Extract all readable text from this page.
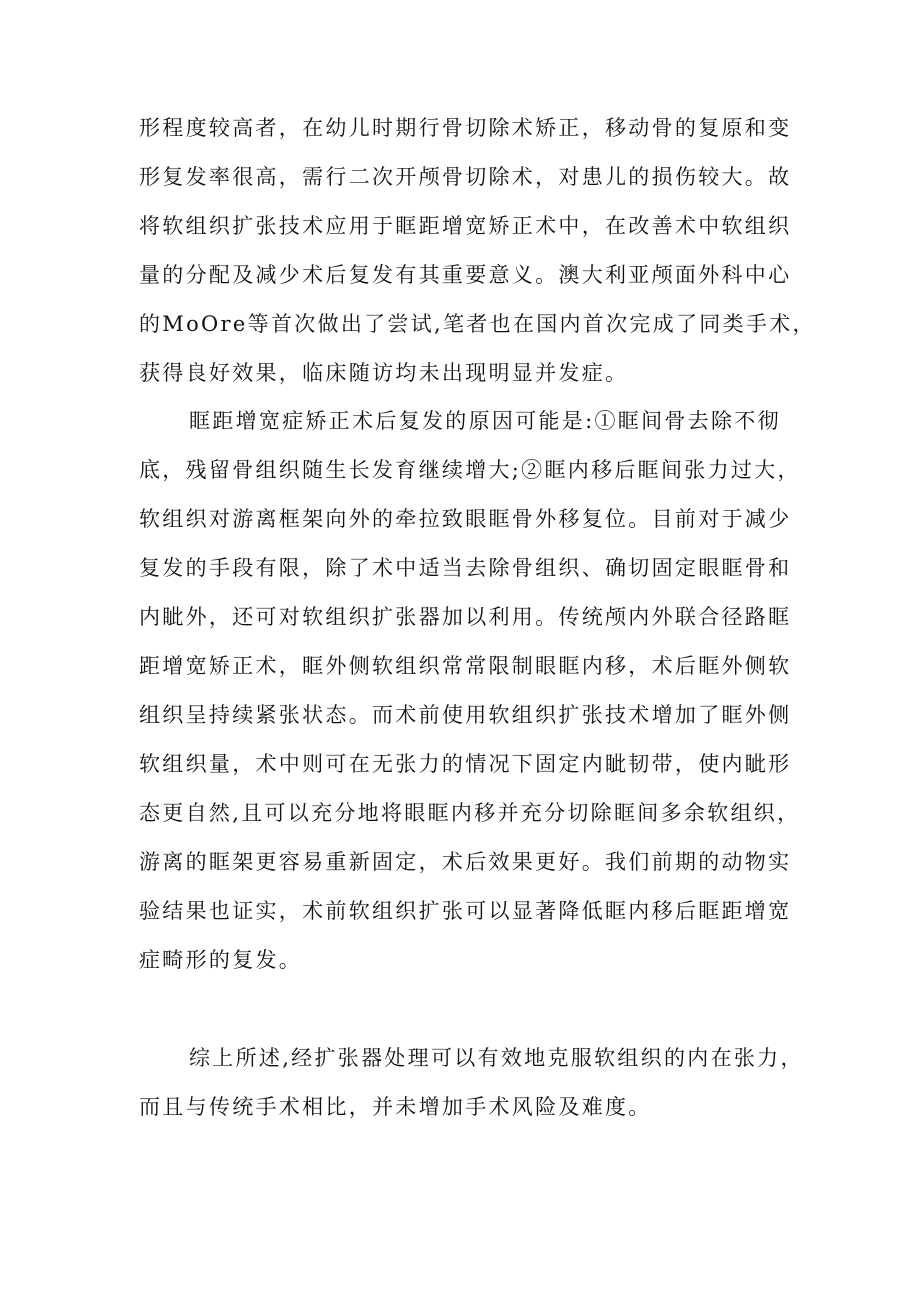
形程度较高者，在幼儿时期行骨切除术矫正，移动骨的复原和变
形复发率很高，需行二次开颅骨切除术，对患儿的损伤较大。故
将软组织扩张技术应用于眶距增宽矫正术中，在改善术中软组织
量的分配及减少术后复发有其重要意义。澳大利亚颅面外科中心
的MoOre等首次做出了尝试,笔者也在国内首次完成了同类手术，
获得良好效果，临床随访均未出现明显并发症。
眶距增宽症矫正术后复发的原因可能是:①眶间骨去除不彻
底，残留骨组织随生长发育继续增大;②眶内移后眶间张力过大，
软组织对游离框架向外的牵拉致眼眶骨外移复位。目前对于减少
复发的手段有限，除了术中适当去除骨组织、确切固定眼眶骨和
内眦外，还可对软组织扩张器加以利用。传统颅内外联合径路眶
距增宽矫正术，眶外侧软组织常常限制眼眶内移，术后眶外侧软
组织呈持续紧张状态。而术前使用软组织扩张技术增加了眶外侧
软组织量，术中则可在无张力的情况下固定内眦韧带，使内眦形
态更自然,且可以充分地将眼眶内移并充分切除眶间多余软组织，
游离的眶架更容易重新固定，术后效果更好。我们前期的动物实
验结果也证实，术前软组织扩张可以显著降低眶内移后眶距增宽
症畸形的复发。
综上所述,经扩张器处理可以有效地克服软组织的内在张力，
而且与传统手术相比，并未增加手术风险及难度。
